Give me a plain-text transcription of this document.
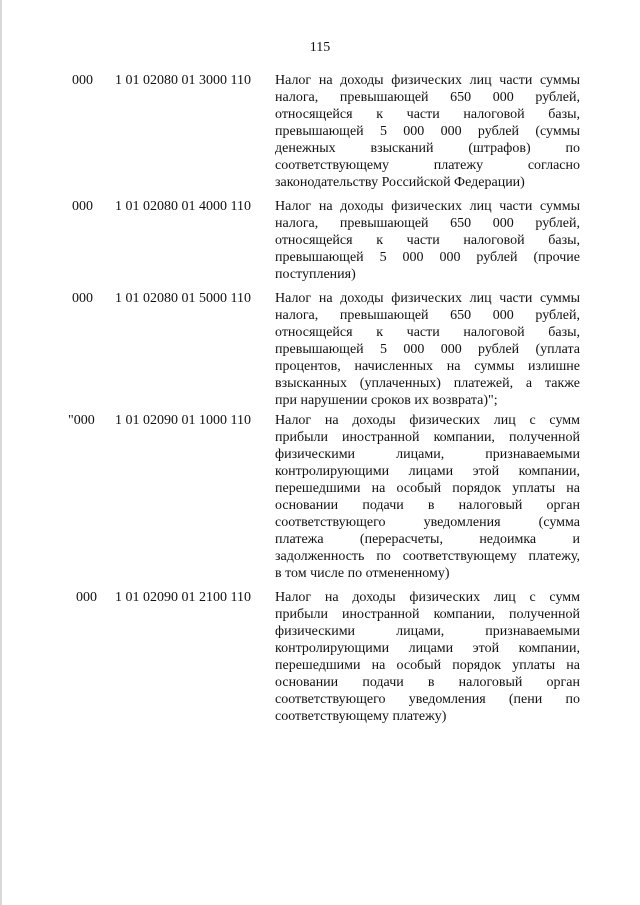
115
000 1 01 02080 01 3000 110 Налог на доходы физических лиц части суммы
налога, превышающей 650 000 рублей,
относящейся к части налоговой базы,
превышающей 5 000 000 рублей (суммы
денежных взысканий (штрафов) по
соответствующему платежу согласно
законодательству Российской Федерации)
000 1 01 02080 01 4000 110 Налог на доходы физических лиц части суммы
налога, превышающей 650 000 рублей,
относящейся к части налоговой базы,
превышающей 5 000 000 рублей (прочие
поступления)
000 1 01 02080 01 5000 110 Налог на доходы физических лиц части суммы
налога, превышающей 650 000 рублей,
относящейся к части налоговой базы,
превышающей 5 000 000 рублей (уплата
процентов, начисленных на суммы излишне
взысканных (уплаченных) платежей, а также
при нарушении сроков их возврата)";
"000 1 01 02090 01 1000 110 Налог на доходы физических лиц с сумм
прибыли иностранной компании, полученной
физическими лицами, признаваемыми
контролирующими лицами этой компании,
перешедшими на особый порядок уплаты на
основании подачи в налоговый орган
соответствующего уведомления (сумма
платежа (перерасчеты, недоимка и
задолженность по соответствующему платежу,
в том числе по отмененному)
000 1 01 02090 01 2100 110 Налог на доходы физических лиц с сумм
прибыли иностранной компании, полученной
физическими лицами, признаваемыми
контролирующими лицами этой компании,
перешедшими на особый порядок уплаты на
основании подачи в налоговый орган
соответствующего уведомления (пени по
соответствующему платежу)
